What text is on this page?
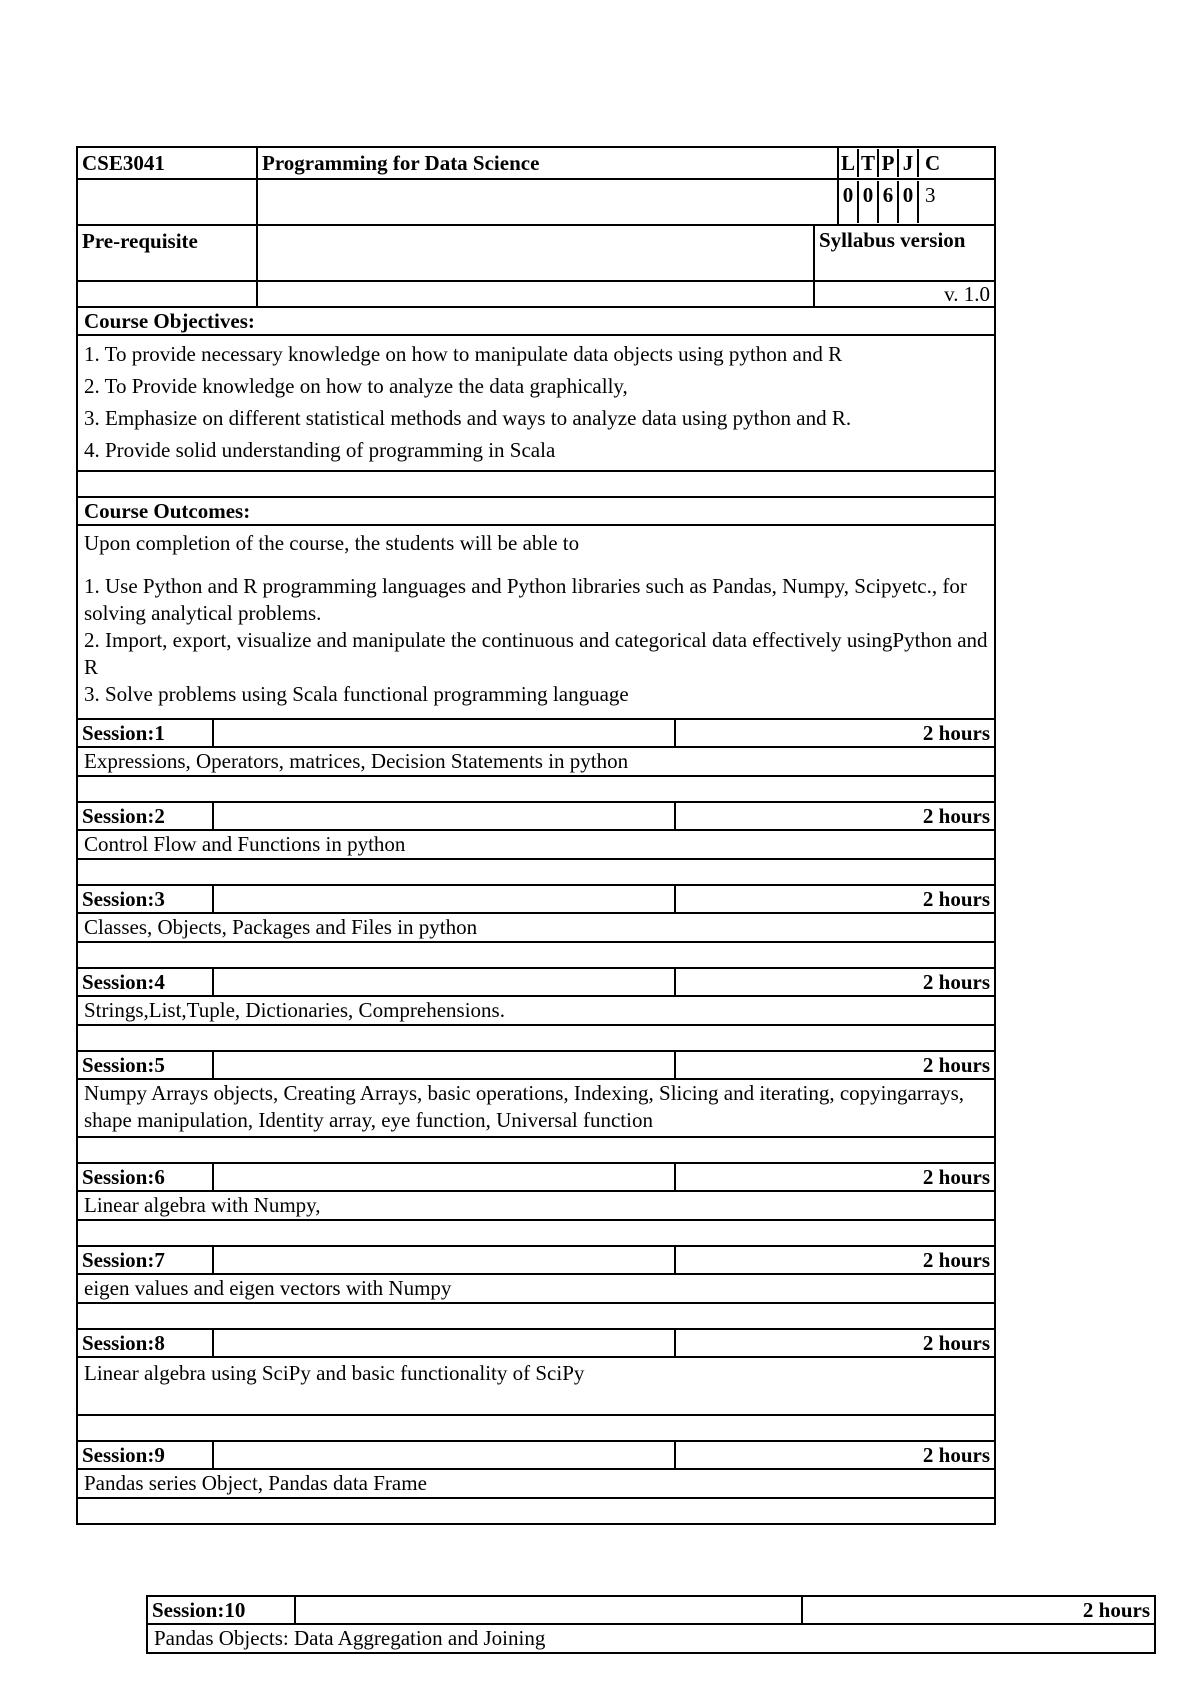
CSE3041	Programming for Data Science	L T P J C
0 0 6 0 3
Pre-requisite	Syllabus version
v. 1.0
Course Objectives:
1. To provide necessary knowledge on how to manipulate data objects using python and R
2. To Provide knowledge on how to analyze the data graphically,
3. Emphasize on different statistical methods and ways to analyze data using python and R.
4. Provide solid understanding of programming in Scala
Course Outcomes:
Upon completion of the course, the students will be able to
1. Use Python and R programming languages and Python libraries such as Pandas, Numpy, Scipyetc., for solving analytical problems.
2. Import, export, visualize and manipulate the continuous and categorical data effectively usingPython and R
3. Solve problems using Scala functional programming language
Session:1	2 hours
Expressions, Operators, matrices, Decision Statements in python
Session:2	2 hours
Control Flow and Functions in python
Session:3	2 hours
Classes, Objects, Packages and Files in python
Session:4	2 hours
Strings,List,Tuple, Dictionaries, Comprehensions.
Session:5	2 hours
Numpy Arrays objects, Creating Arrays, basic operations, Indexing, Slicing and iterating, copyingarrays, shape manipulation, Identity array, eye function, Universal function
Session:6	2 hours
Linear algebra with Numpy,
Session:7	2 hours
eigen values and eigen vectors with Numpy
Session:8	2 hours
Linear algebra using SciPy and basic functionality of SciPy
Session:9	2 hours
Pandas series Object, Pandas data Frame
Session:10	2 hours
Pandas Objects: Data Aggregation and Joining
